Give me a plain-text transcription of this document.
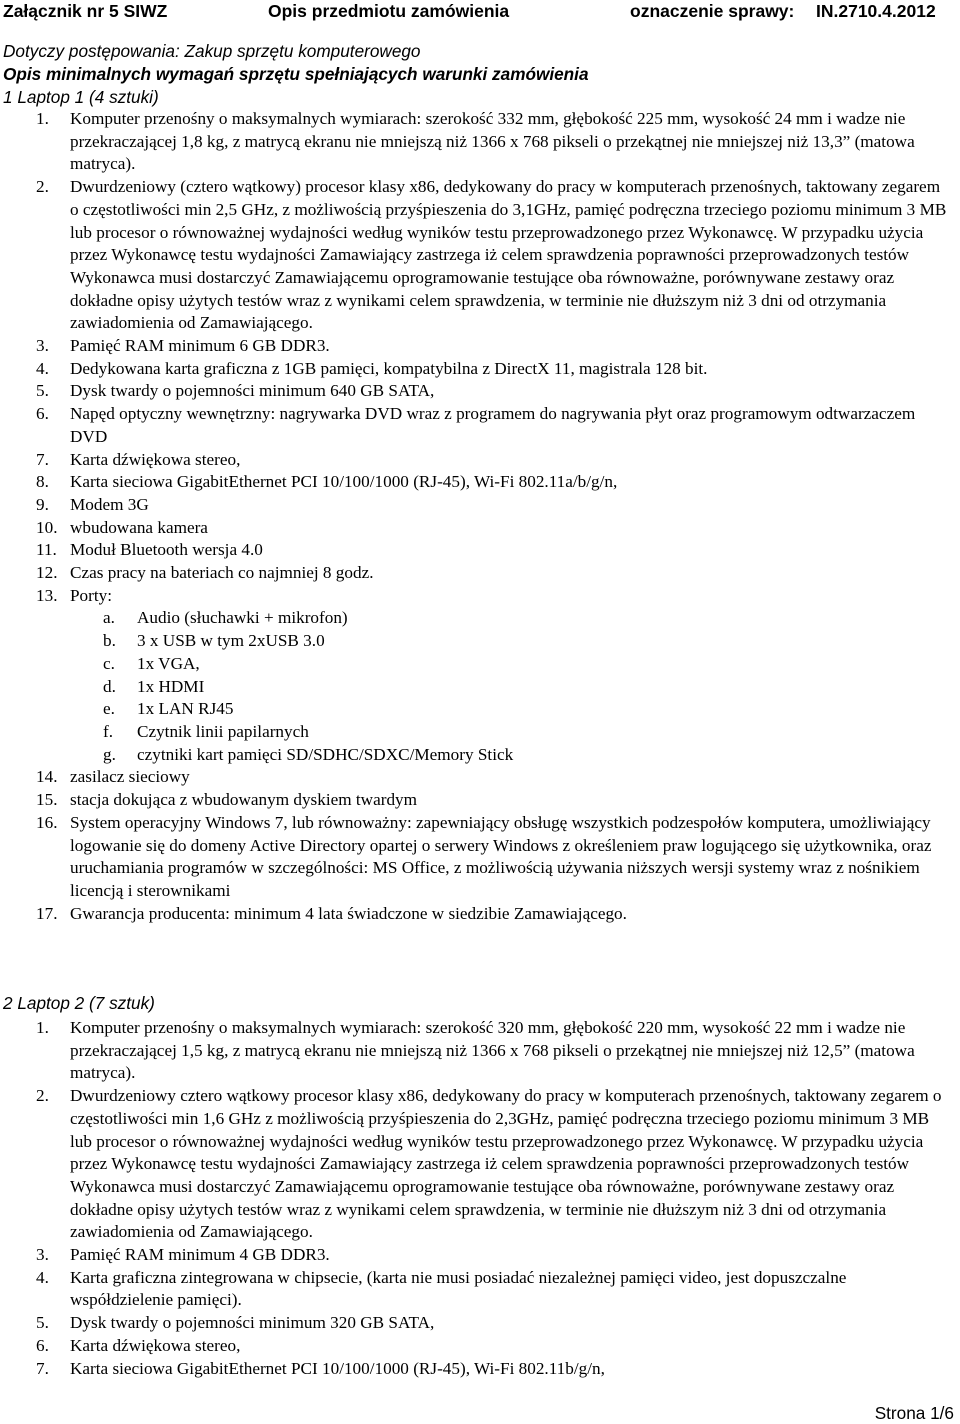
Załącznik nr 5 SIWZ	Opis przedmiotu zamówienia	oznaczenie sprawy: IN.2710.4.2012
Dotyczy postępowania: Zakup sprzętu komputerowego
Opis minimalnych wymagań sprzętu spełniających warunki zamówienia
1 Laptop 1 (4 sztuki)
1. Komputer przenośny o maksymalnych wymiarach: szerokość 332 mm, głębokość 225 mm, wysokość 24 mm i wadze nie przekraczającej 1,8 kg, z matrycą ekranu nie mniejszą niż 1366 x 768 pikseli o przekątnej nie mniejszej niż 13,3” (matowa matryca).
2. Dwurdzeniowy (cztero wątkowy) procesor klasy x86, dedykowany do pracy w komputerach przenośnych, taktowany zegarem o częstotliwości min 2,5 GHz, z możliwością przyśpieszenia do 3,1GHz, pamięć podręczna trzeciego poziomu minimum 3 MB lub procesor o równoważnej wydajności według wyników testu przeprowadzonego przez Wykonawcę. W przypadku użycia przez Wykonawcę testu wydajności Zamawiający zastrzega iż celem sprawdzenia poprawności przeprowadzonych testów Wykonawca musi dostarczyć Zamawiającemu oprogramowanie testujące oba równoważne, porównywane zestawy oraz dokładne opisy użytych testów wraz z wynikami celem sprawdzenia, w terminie nie dłuższym niż 3 dni od otrzymania zawiadomienia od Zamawiającego.
3. Pamięć RAM minimum 6 GB DDR3.
4. Dedykowana karta graficzna z 1GB pamięci, kompatybilna z DirectX 11, magistrala 128 bit.
5. Dysk twardy o pojemności minimum 640 GB SATA,
6. Napęd optyczny wewnętrzny: nagrywarka DVD wraz z programem do nagrywania płyt oraz programowym odtwarzaczem DVD
7. Karta dźwiękowa stereo,
8. Karta sieciowa GigabitEthernet PCI 10/100/1000 (RJ-45), Wi-Fi 802.11a/b/g/n,
9. Modem 3G
10. wbudowana kamera
11. Moduł Bluetooth wersja 4.0
12. Czas pracy na bateriach co najmniej 8 godz.
13. Porty:
a. Audio (słuchawki + mikrofon)
b. 3 x USB w tym 2xUSB 3.0
c. 1x VGA,
d. 1x HDMI
e. 1x LAN RJ45
f. Czytnik linii papilarnych
g. czytniki kart pamięci SD/SDHC/SDXC/Memory Stick
14. zasilacz sieciowy
15. stacja dokująca z wbudowanym dyskiem twardym
16. System operacyjny Windows 7, lub równoważny: zapewniający obsługę wszystkich podzespołów komputera, umożliwiający logowanie się do domeny Active Directory opartej o serwery Windows z określeniem praw logującego się użytkownika, oraz uruchamiania programów w szczególności: MS Office, z możliwością używania niższych wersji systemy wraz z nośnikiem licencją i sterownikami
17. Gwarancja producenta: minimum 4 lata świadczone w siedzibie Zamawiającego.
2 Laptop 2 (7 sztuk)
1. Komputer przenośny o maksymalnych wymiarach: szerokość 320 mm, głębokość 220 mm, wysokość 22 mm i wadze nie przekraczającej 1,5 kg, z matrycą ekranu nie mniejszą niż 1366 x 768 pikseli o przekątnej nie mniejszej niż 12,5” (matowa matryca).
2. Dwurdzeniowy cztero wątkowy procesor klasy x86, dedykowany do pracy w komputerach przenośnych, taktowany zegarem o częstotliwości min 1,6 GHz z możliwością przyśpieszenia do 2,3GHz, pamięć podręczna trzeciego poziomu minimum 3 MB lub procesor o równoważnej wydajności według wyników testu przeprowadzonego przez Wykonawcę. W przypadku użycia przez Wykonawcę testu wydajności Zamawiający zastrzega iż celem sprawdzenia poprawności przeprowadzonych testów Wykonawca musi dostarczyć Zamawiającemu oprogramowanie testujące oba równoważne, porównywane zestawy oraz dokładne opisy użytych testów wraz z wynikami celem sprawdzenia, w terminie nie dłuższym niż 3 dni od otrzymania zawiadomienia od Zamawiającego.
3. Pamięć RAM minimum 4 GB DDR3.
4. Karta graficzna zintegrowana w chipsecie, (karta nie musi posiadać niezależnej pamięci video, jest dopuszczalne współdzielenie pamięci).
5. Dysk twardy o pojemności minimum 320 GB SATA,
6. Karta dźwiękowa stereo,
7. Karta sieciowa GigabitEthernet PCI 10/100/1000 (RJ-45), Wi-Fi 802.11b/g/n,
Strona 1/6
